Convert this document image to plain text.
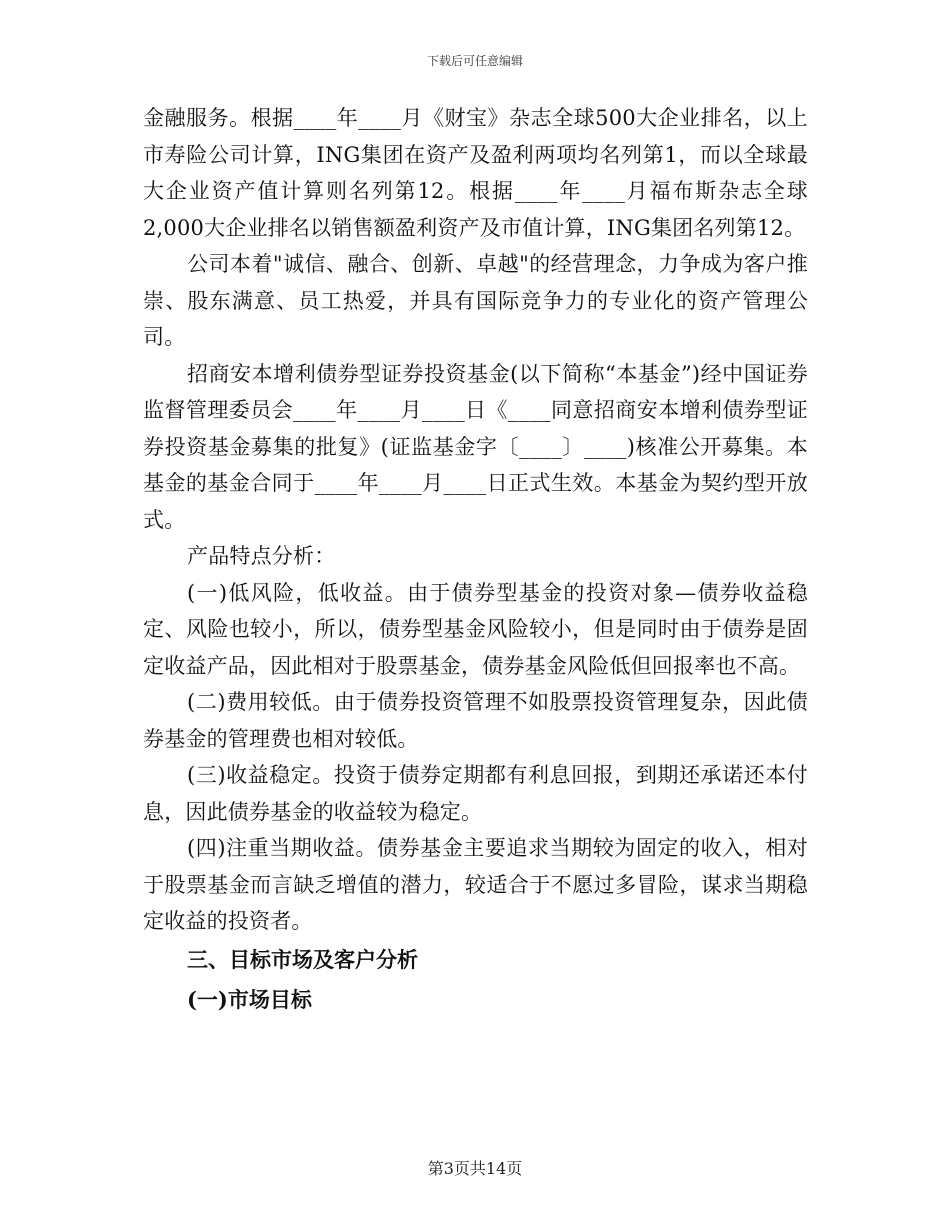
下载后可任意编辑

金融服务。根据____年____月《财宝》杂志全球500大企业排名，以上市寿险公司计算，ING集团在资产及盈利两项均名列第1，而以全球最大企业资产值计算则名列第12。根据____年____月福布斯杂志全球2,000大企业排名以销售额盈利资产及市值计算，ING集团名列第12。

公司本着"诚信、融合、创新、卓越"的经营理念，力争成为客户推崇、股东满意、员工热爱，并具有国际竞争力的专业化的资产管理公司。

招商安本增利债券型证券投资基金(以下简称“本基金”)经中国证券监督管理委员会____年____月____日《____同意招商安本增利债券型证券投资基金募集的批复》(证监基金字〔____〕____)核准公开募集。本基金的基金合同于____年____月____日正式生效。本基金为契约型开放式。

产品特点分析：

(一)低风险，低收益。由于债券型基金的投资对象—债券收益稳定、风险也较小，所以，债券型基金风险较小，但是同时由于债券是固定收益产品，因此相对于股票基金，债券基金风险低但回报率也不高。

(二)费用较低。由于债券投资管理不如股票投资管理复杂，因此债券基金的管理费也相对较低。

(三)收益稳定。投资于债券定期都有利息回报，到期还承诺还本付息，因此债券基金的收益较为稳定。

(四)注重当期收益。债券基金主要追求当期较为固定的收入，相对于股票基金而言缺乏增值的潜力，较适合于不愿过多冒险，谋求当期稳定收益的投资者。

三、目标市场及客户分析

(一)市场目标

第3页共14页
